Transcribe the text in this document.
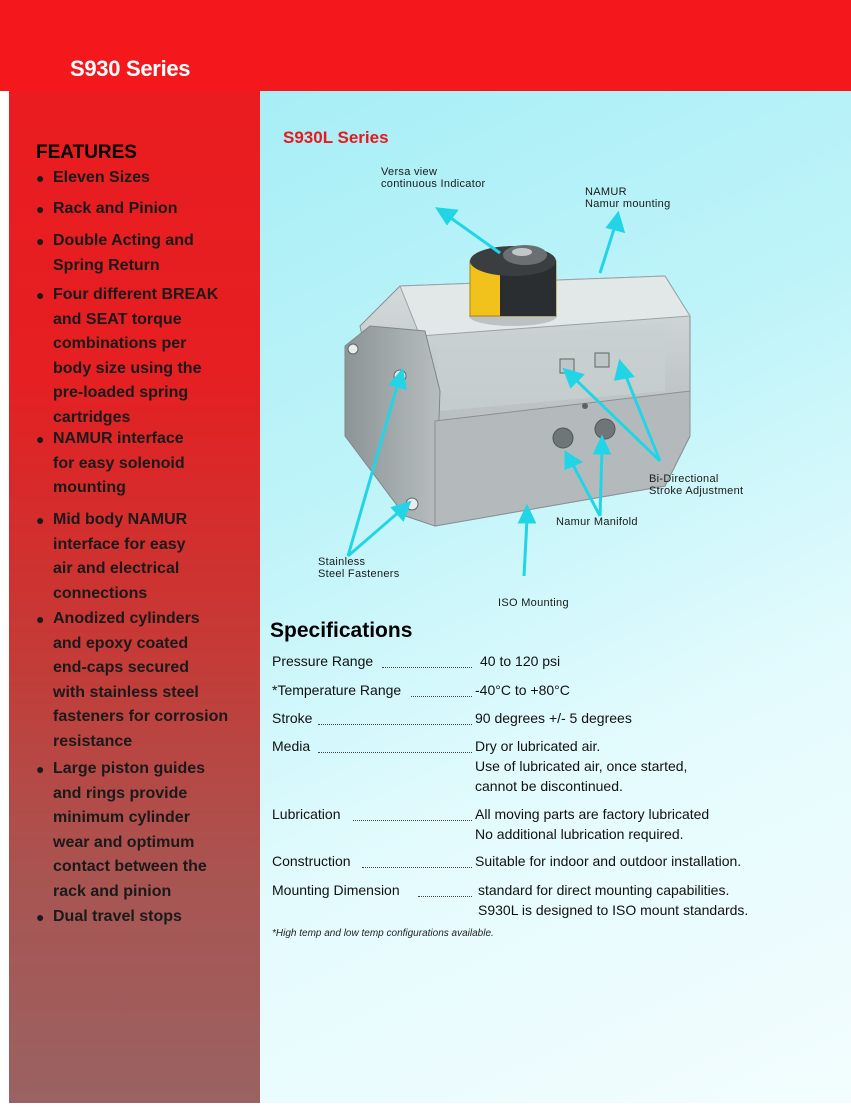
S930 Series
FEATURES
● Eleven Sizes
● Rack and Pinion
● Double Acting and
Spring Return
● Four different BREAK
and SEAT torque
combinations per
body size using the
pre-loaded spring
cartridges
● NAMUR interface
for easy solenoid
mounting
● Mid body NAMUR
interface for easy
air and electrical
connections
● Anodized cylinders
and epoxy coated
end-caps secured
with stainless steel
fasteners for corrosion
resistance
● Large piston guides
and rings provide
minimum cylinder
wear and optimum
contact between the
rack and pinion
● Dual travel stops
S930L Series
Versa view
continuous Indicator
NAMUR
Namur mounting
Bi-Directional
Stroke Adjustment
Namur Manifold
Stainless
Steel Fasteners
ISO Mounting
Specifications
Pressure Range	40 to 120 psi
*Temperature Range	-40°C to +80°C
Stroke	90 degrees +/- 5 degrees
Media	Dry or lubricated air.
Use of lubricated air, once started,
cannot be discontinued.
Lubrication	All moving parts are factory lubricated
No additional lubrication required.
Construction	Suitable for indoor and outdoor installation.
Mounting Dimension	standard for direct mounting capabilities.
S930L is designed to ISO mount standards.
*High temp and low temp configurations available.
